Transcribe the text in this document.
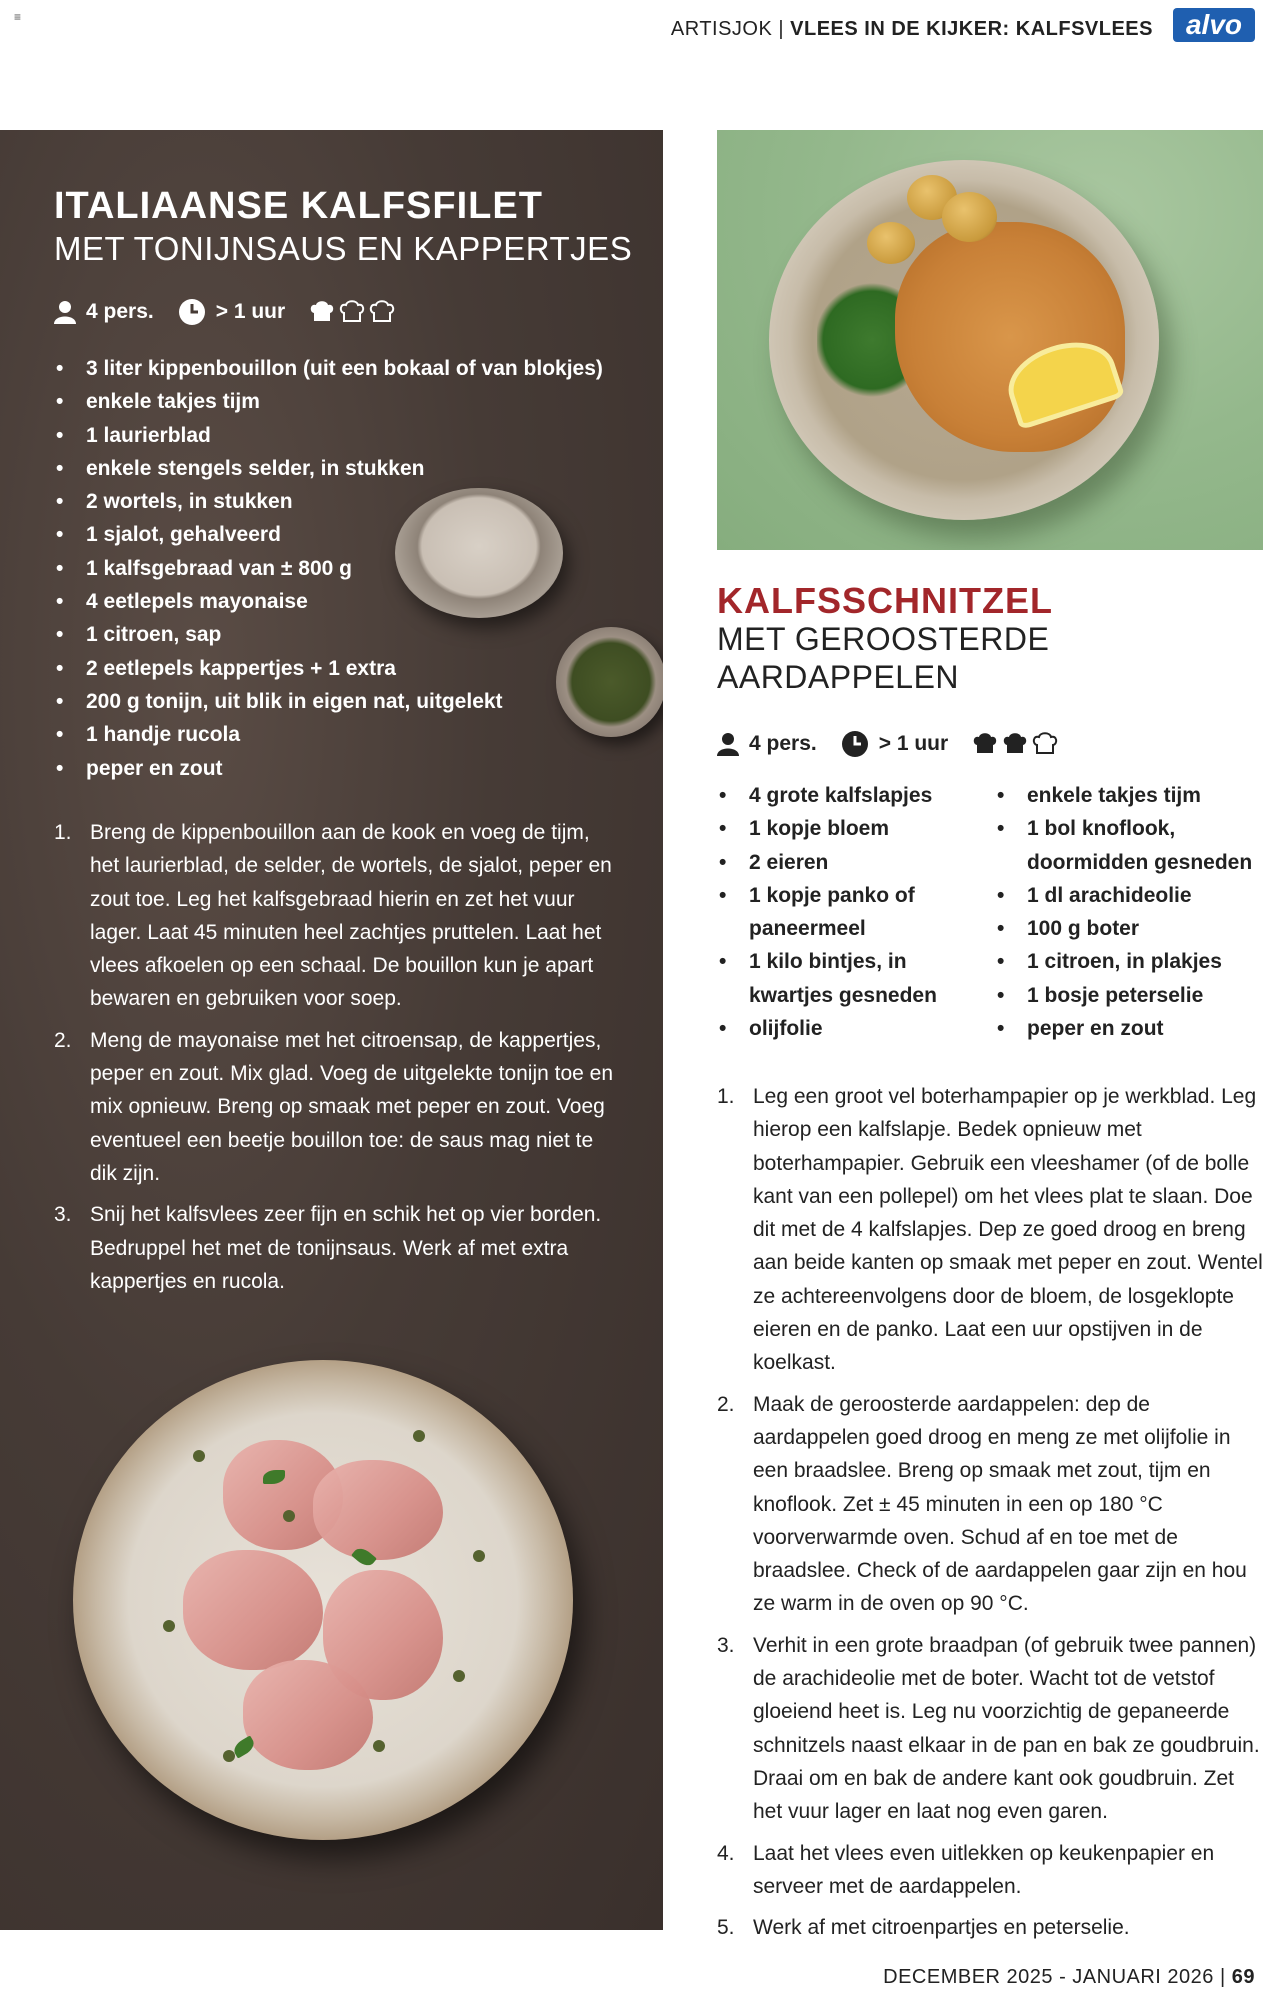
≡
ARTISJOK | VLEES IN DE KIJKER: KALFSVLEES	alvo
ITALIAANSE KALFSFILET
MET TONIJNSAUS EN KAPPERTJES
4 pers.	> 1 uur
• 3 liter kippenbouillon (uit een bokaal of van blokjes)
• enkele takjes tijm
• 1 laurierblad
• enkele stengels selder, in stukken
• 2 wortels, in stukken
• 1 sjalot, gehalveerd
• 1 kalfsgebraad van ± 800 g
• 4 eetlepels mayonaise
• 1 citroen, sap
• 2 eetlepels kappertjes + 1 extra
• 200 g tonijn, uit blik in eigen nat, uitgelekt
• 1 handje rucola
• peper en zout
1. Breng de kippenbouillon aan de kook en voeg de tijm, het laurierblad, de selder, de wortels, de sjalot, peper en zout toe. Leg het kalfsgebraad hierin en zet het vuur lager. Laat 45 minuten heel zachtjes pruttelen. Laat het vlees afkoelen op een schaal. De bouillon kun je apart bewaren en gebruiken voor soep.
2. Meng de mayonaise met het citroensap, de kappertjes, peper en zout. Mix glad. Voeg de uitgelekte tonijn toe en mix opnieuw. Breng op smaak met peper en zout. Voeg eventueel een beetje bouillon toe: de saus mag niet te dik zijn.
3. Snij het kalfsvlees zeer fijn en schik het op vier borden. Bedruppel het met de tonijnsaus. Werk af met extra kappertjes en rucola.
KALFSSCHNITZEL
MET GEROOSTERDE AARDAPPELEN
4 pers.	> 1 uur
• 4 grote kalfslapjes
• 1 kopje bloem
• 2 eieren
• 1 kopje panko of paneermeel
• 1 kilo bintjes, in kwartjes gesneden
• olijfolie
• enkele takjes tijm
• 1 bol knoflook, doormidden gesneden
• 1 dl arachideolie
• 100 g boter
• 1 citroen, in plakjes
• 1 bosje peterselie
• peper en zout
1. Leg een groot vel boterhampapier op je werkblad. Leg hierop een kalfslapje. Bedek opnieuw met boterhampapier. Gebruik een vleeshamer (of de bolle kant van een pollepel) om het vlees plat te slaan. Doe dit met de 4 kalfslapjes. Dep ze goed droog en breng aan beide kanten op smaak met peper en zout. Wentel ze achtereenvolgens door de bloem, de losgeklopte eieren en de panko. Laat een uur opstijven in de koelkast.
2. Maak de geroosterde aardappelen: dep de aardappelen goed droog en meng ze met olijfolie in een braadslee. Breng op smaak met zout, tijm en knoflook. Zet ± 45 minuten in een op 180 °C voorverwarmde oven. Schud af en toe met de braadslee. Check of de aardappelen gaar zijn en hou ze warm in de oven op 90 °C.
3. Verhit in een grote braadpan (of gebruik twee pannen) de arachideolie met de boter. Wacht tot de vetstof gloeiend heet is. Leg nu voorzichtig de gepaneerde schnitzels naast elkaar in de pan en bak ze goudbruin. Draai om en bak de andere kant ook goudbruin. Zet het vuur lager en laat nog even garen.
4. Laat het vlees even uitlekken op keukenpapier en serveer met de aardappelen.
5. Werk af met citroenpartjes en peterselie.
DECEMBER 2025 - JANUARI 2026 | 69
